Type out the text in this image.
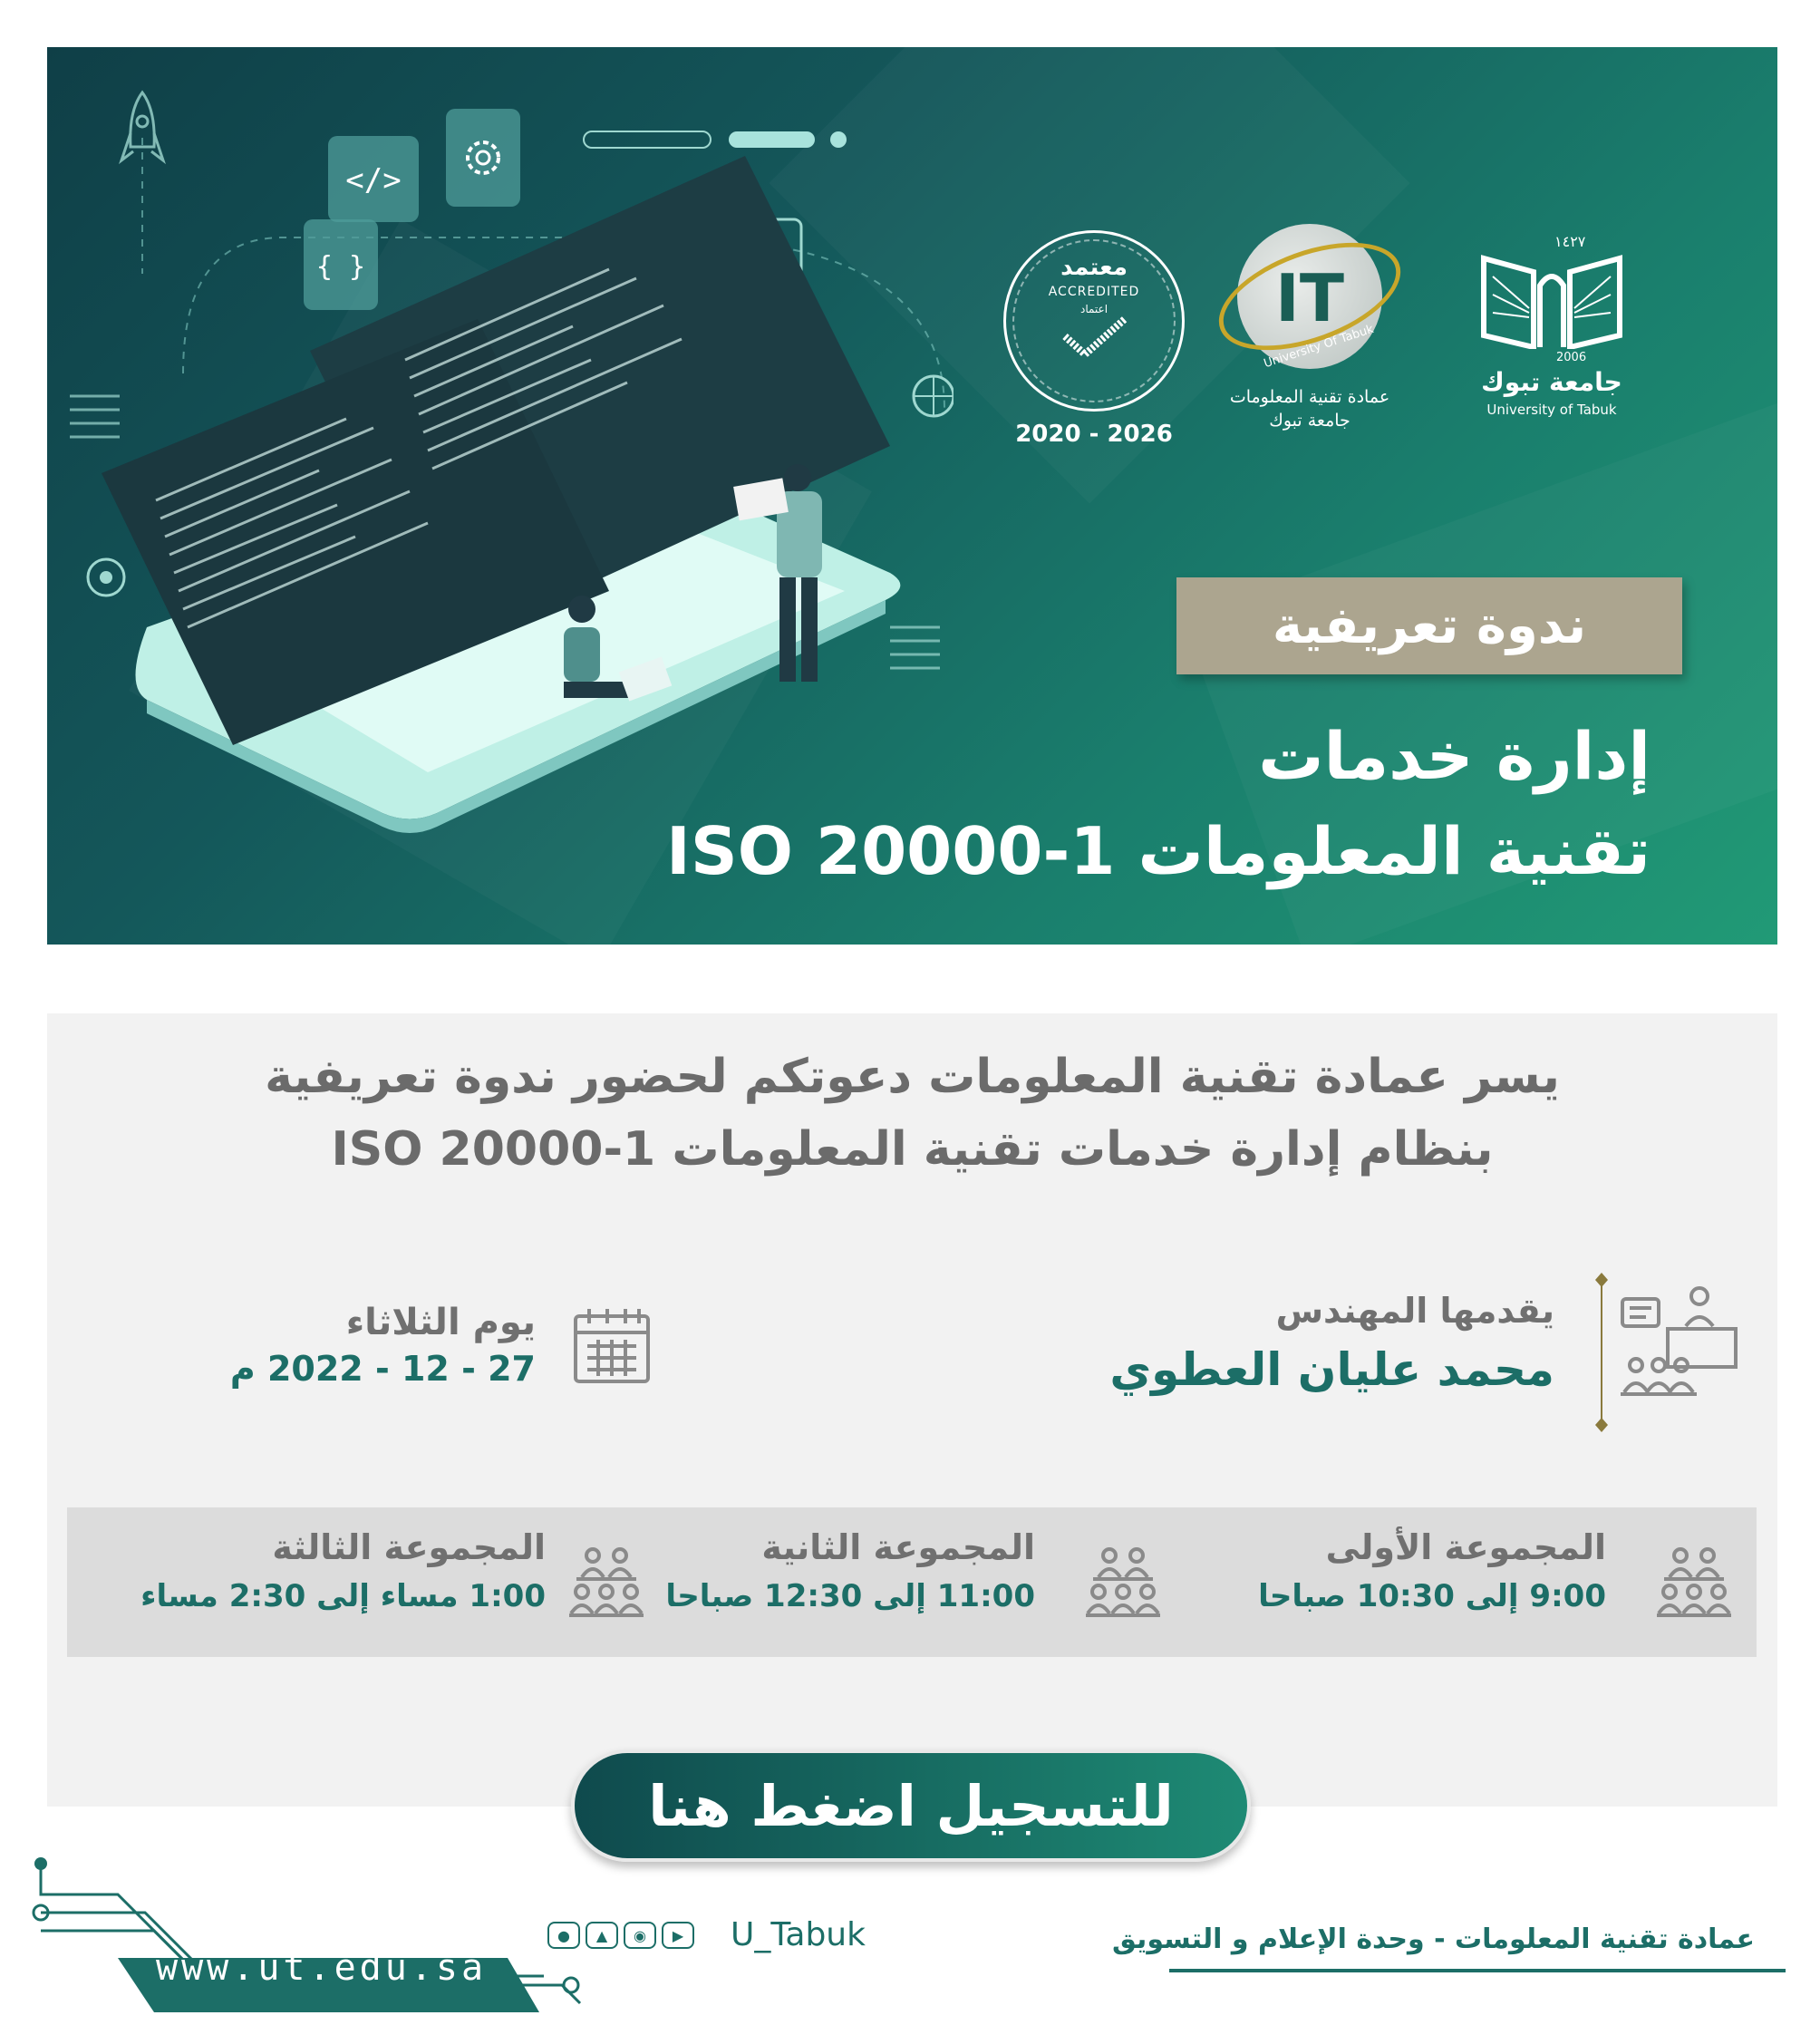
</>
{ }	معتمد
ACCREDITED
اعتماد
2020 - 2026
IT
University Of Tabuk
عمادة تقنية المعلومات
جامعة تبوك
١٤٢٧
2006
جامعة تبوك
University of Tabuk
ندوة تعريفية
إدارة خدمات
تقنية المعلومات ISO 20000-1
يسر عمادة تقنية المعلومات دعوتكم لحضور ندوة تعريفية
بنظام إدارة خدمات تقنية المعلومات ISO 20000-1
يقدمها المهندس
محمد عليان العطوي
يوم الثلاثاء
27 - 12 - 2022 م
المجموعة الأولى
9:00 إلى 10:30 صباحا
المجموعة الثانية
11:00 إلى 12:30 صباحا
المجموعة الثالثة
1:00 مساء إلى 2:30 مساء
للتسجيل اضغط هنا
www.ut.edu.sa
●	▲	◉	▶	U_Tabuk	عمادة تقنية المعلومات - وحدة الإعلام و التسويق
